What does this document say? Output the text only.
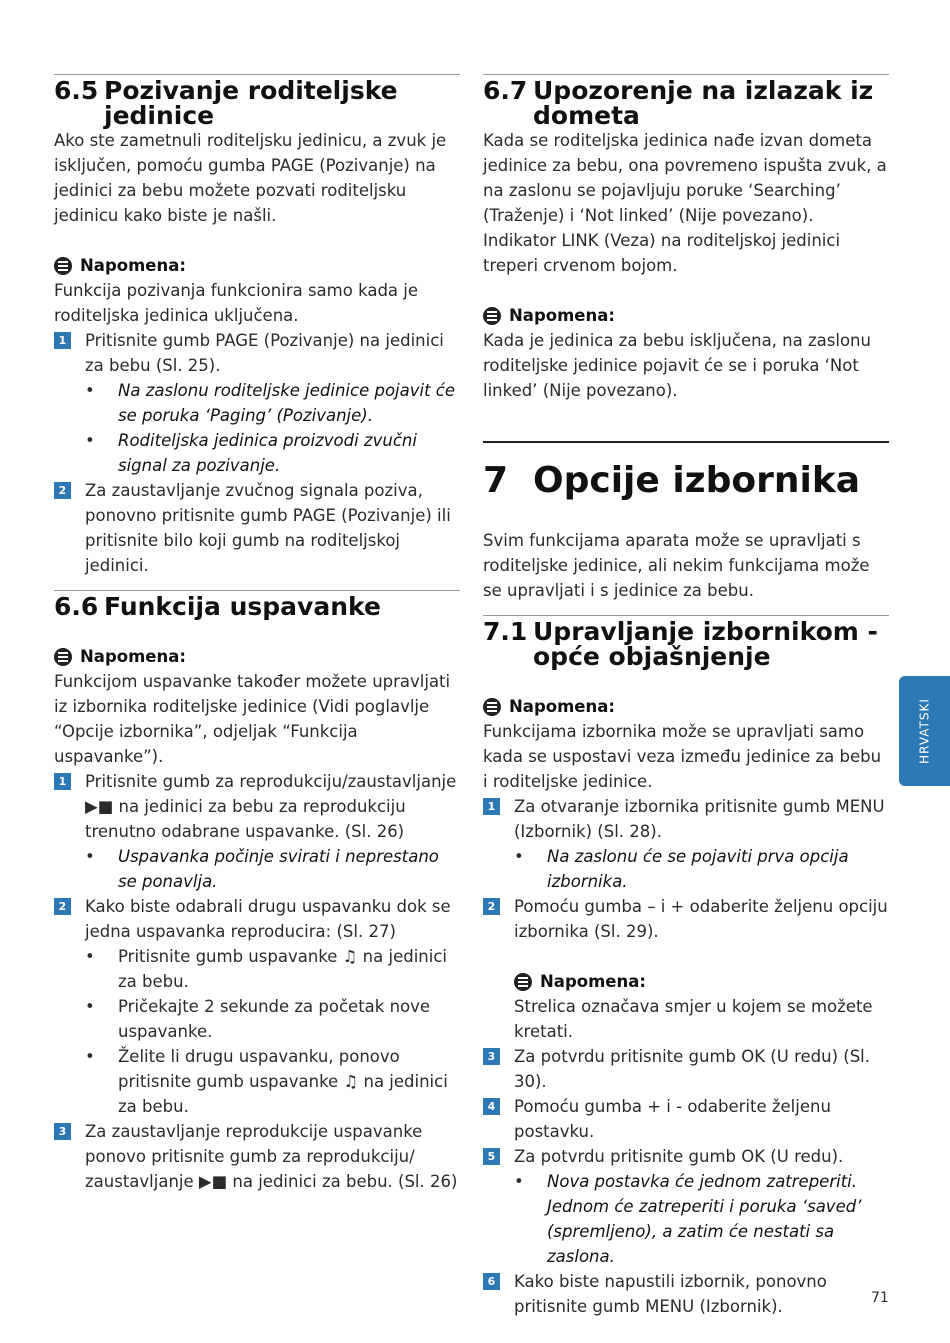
6.5 Pozivanje roditeljske jedinice

Ako ste zametnuli roditeljsku jedinicu, a zvuk je isključen, pomoću gumba PAGE (Pozivanje) na jedinici za bebu možete pozvati roditeljsku jedinicu kako biste je našli.

Napomena:

Funkcija pozivanja funkcionira samo kada je roditeljska jedinica uključena.

1 Pritisnite gumb PAGE (Pozivanje) na jedinici za bebu (Sl. 25).
•	Na zaslonu roditeljske jedinice pojavit će se poruka ‘Paging’ (Pozivanje).
•	Roditeljska jedinica proizvodi zvučni signal za pozivanje.
2 Za zaustavljanje zvučnog signala poziva, ponovno pritisnite gumb PAGE (Pozivanje) ili pritisnite bilo koji gumb na roditeljskoj jedinici.
6.6 Funkcija uspavanke
Napomena:

Funkcijom uspavanke također možete upravljati iz izbornika roditeljske jedinice (Vidi poglavlje “Opcije izbornika”, odjeljak “Funkcija uspavanke”).

1 Pritisnite gumb za reprodukciju/zaustavljanje ▶■ na jedinici za bebu za reprodukciju trenutno odabrane uspavanke. (Sl. 26)
•	Uspavanka počinje svirati i neprestano se ponavlja.
2 Kako biste odabrali drugu uspavanku dok se jedna uspavanka reproducira: (Sl. 27)
•	Pritisnite gumb uspavanke ♫ na jedinici za bebu.
•	Pričekajte 2 sekunde za početak nove uspavanke.
•	Želite li drugu uspavanku, ponovo pritisnite gumb uspavanke ♫ na jedinici za bebu.
3 Za zaustavljanje reprodukcije uspavanke ponovo pritisnite gumb za reprodukciju/ zaustavljanje ▶■ na jedinici za bebu. (Sl. 26)
6.7 Upozorenje na izlazak iz dometa

Kada se roditeljska jedinica nađe izvan dometa jedinice za bebu, ona povremeno ispušta zvuk, a na zaslonu se pojavljuju poruke ‘Searching’ (Traženje) i ‘Not linked’ (Nije povezano). Indikator LINK (Veza) na roditeljskoj jedinici treperi crvenom bojom.

Napomena:

Kada je jedinica za bebu isključena, na zaslonu roditeljske jedinice pojavit će se i poruka ‘Not linked’ (Nije povezano).

7 Opcije izbornika

Svim funkcijama aparata može se upravljati s roditeljske jedinice, ali nekim funkcijama može se upravljati i s jedinice za bebu.

7.1 Upravljanje izbornikom - opće objašnjenje
Napomena:

Funkcijama izbornika može se upravljati samo kada se uspostavi veza između jedinice za bebu i roditeljske jedinice.

1 Za otvaranje izbornika pritisnite gumb MENU (Izbornik) (Sl. 28).
•	Na zaslonu će se pojaviti prva opcija izbornika.
2 Pomoću gumba – i + odaberite željenu opciju izbornika (Sl. 29).
Napomena:

Strelica označava smjer u kojem se možete kretati.

3 Za potvrdu pritisnite gumb OK (U redu) (Sl. 30).
4 Pomoću gumba + i - odaberite željenu postavku.
5 Za potvrdu pritisnite gumb OK (U redu).
•	Nova postavka će jednom zatreperiti. Jednom će zatreperiti i poruka ‘saved’ (spremljeno), a zatim će nestati sa zaslona.
6 Kako biste napustili izbornik, ponovno pritisnite gumb MENU (Izbornik).
HRVATSKI
71
